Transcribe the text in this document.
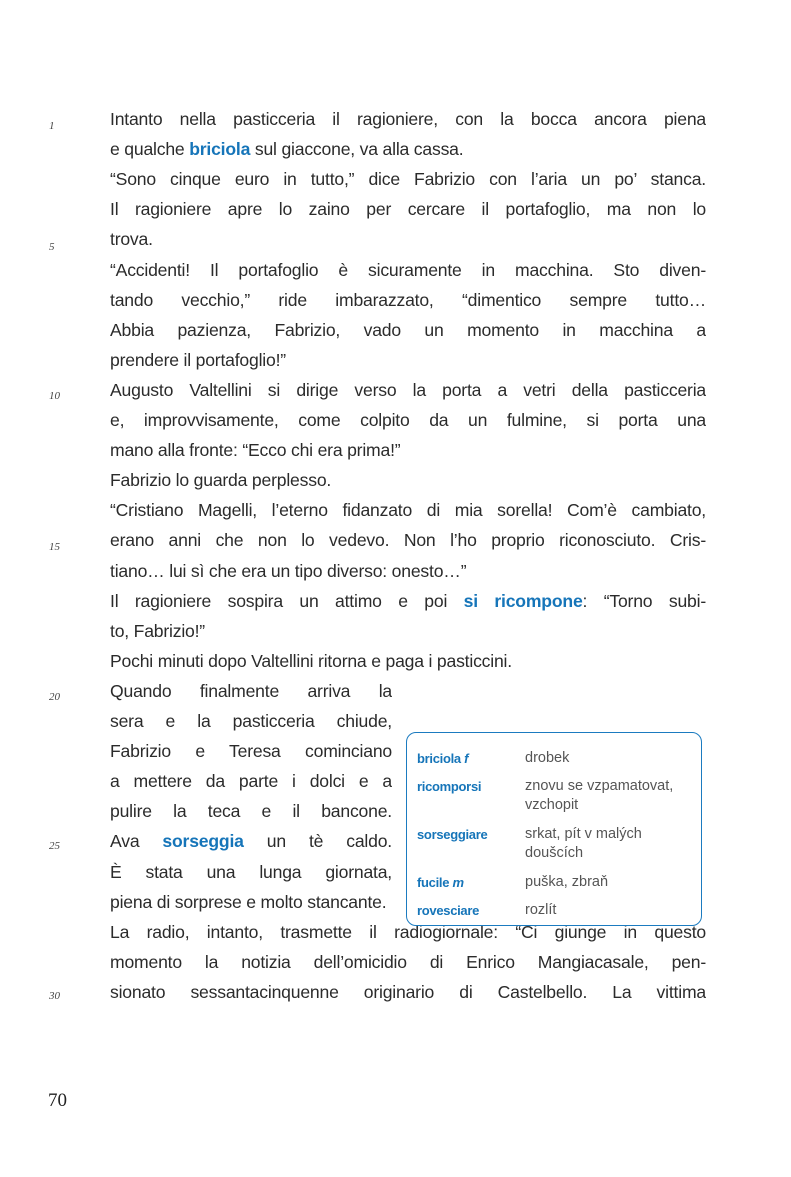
Intanto nella pasticceria il ragioniere, con la bocca ancora piena
e qualche briciola sul giaccone, va alla cassa.
“Sono cinque euro in tutto,” dice Fabrizio con l’aria un po’ stanca.
Il ragioniere apre lo zaino per cercare il portafoglio, ma non lo
trova.
“Accidenti! Il portafoglio è sicuramente in macchina. Sto diven-
tando vecchio,” ride imbarazzato, “dimentico sempre tutto…
Abbia pazienza, Fabrizio, vado un momento in macchina a
prendere il portafoglio!”
Augusto Valtellini si dirige verso la porta a vetri della pasticceria
e, improvvisamente, come colpito da un fulmine, si porta una
mano alla fronte: “Ecco chi era prima!”
Fabrizio lo guarda perplesso.
“Cristiano Magelli, l’eterno fidanzato di mia sorella! Com’è cambiato,
erano anni che non lo vedevo. Non l’ho proprio riconosciuto. Cris-
tiano… lui sì che era un tipo diverso: onesto…”
Il ragioniere sospira un attimo e poi si ricompone: “Torno subi-
to, Fabrizio!”
Pochi minuti dopo Valtellini ritorna e paga i pasticcini.
Quando finalmente arriva la
sera e la pasticceria chiude,
Fabrizio e Teresa cominciano
a mettere da parte i dolci e a
pulire la teca e il bancone.
Ava sorseggia un tè caldo.
È stata una lunga giornata,
piena di sorprese e molto stancante.
La radio, intanto, trasmette il radiogiornale: “Ci giunge in questo
momento la notizia dell’omicidio di Enrico Mangiacasale, pen-
sionato sessantacinquenne originario di Castelbello. La vittima
1
5
10
15
20
25
30
briciola f	drobek
ricomporsi	znovu se vzpamatovat, vzchopit
sorseggiare	srkat, pít v malých doušcích
fucile m	puška, zbraň
rovesciare	rozlít
70
